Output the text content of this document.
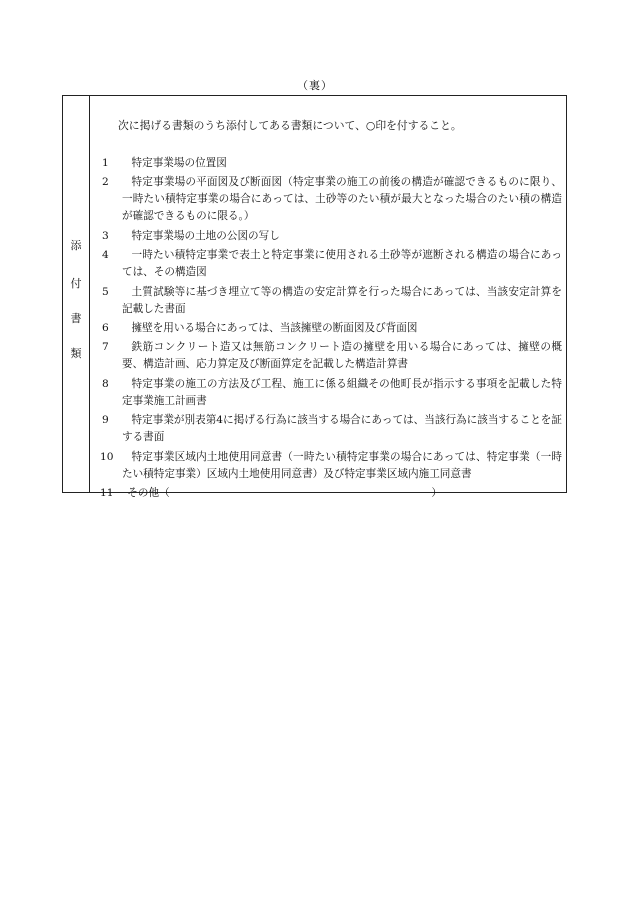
（裏）
添
付
書
類
次に掲げる書類のうち添付してある書類について、○印を付すること。
1	特定事業場の位置図
2	特定事業場の平面図及び断面図（特定事業の施工の前後の構造が確認できるものに限り、一時たい積特定事業の場合にあっては、土砂等のたい積が最大となった場合のたい積の構造が確認できるものに限る。）
3	特定事業場の土地の公図の写し
4	一時たい積特定事業で表土と特定事業に使用される土砂等が遮断される構造の場合にあっては、その構造図
5	土質試験等に基づき埋立て等の構造の安定計算を行った場合にあっては、当該安定計算を記載した書面
6	擁壁を用いる場合にあっては、当該擁壁の断面図及び背面図
7	鉄筋コンクリート造又は無筋コンクリート造の擁壁を用いる場合にあっては、擁壁の概要、構造計画、応力算定及び断面算定を記載した構造計算書
8	特定事業の施工の方法及び工程、施工に係る組織その他町長が指示する事項を記載した特定事業施工計画書
9	特定事業が別表第4に掲げる行為に該当する場合にあっては、当該行為に該当することを証する書面
10	特定事業区域内土地使用同意書（一時たい積特定事業の場合にあっては、特定事業（一時たい積特定事業）区域内土地使用同意書）及び特定事業区域内施工同意書
11	その他（	）
